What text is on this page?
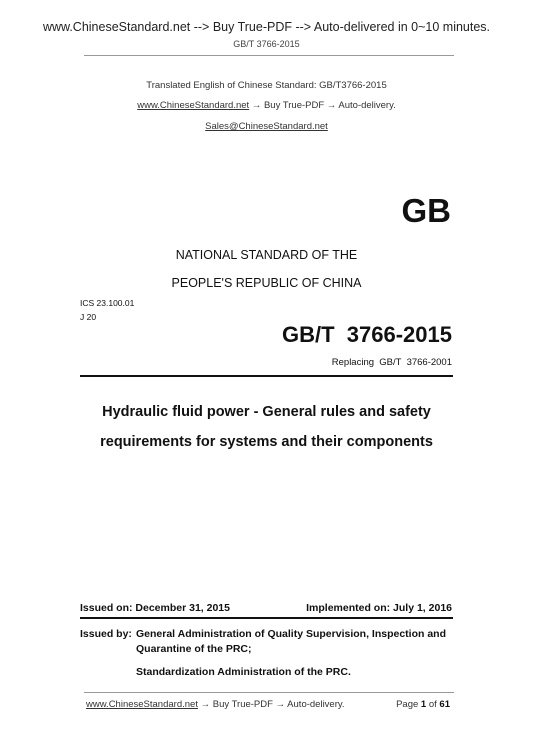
www.ChineseStandard.net --> Buy True-PDF --> Auto-delivered in 0~10 minutes.
GB/T 3766-2015
Translated English of Chinese Standard: GB/T3766-2015
www.ChineseStandard.net → Buy True-PDF → Auto-delivery.
Sales@ChineseStandard.net
GB
NATIONAL STANDARD OF THE
PEOPLE'S REPUBLIC OF CHINA
ICS 23.100.01
J 20
GB/T  3766-2015
Replacing  GB/T  3766-2001
Hydraulic fluid power - General rules and safety
requirements for systems and their components
Issued on: December 31, 2015	Implemented on: July 1, 2016
Issued by: General Administration of Quality Supervision, Inspection and
Quarantine of the PRC;
Standardization Administration of the PRC.
www.ChineseStandard.net → Buy True-PDF → Auto-delivery.	Page 1 of 61
